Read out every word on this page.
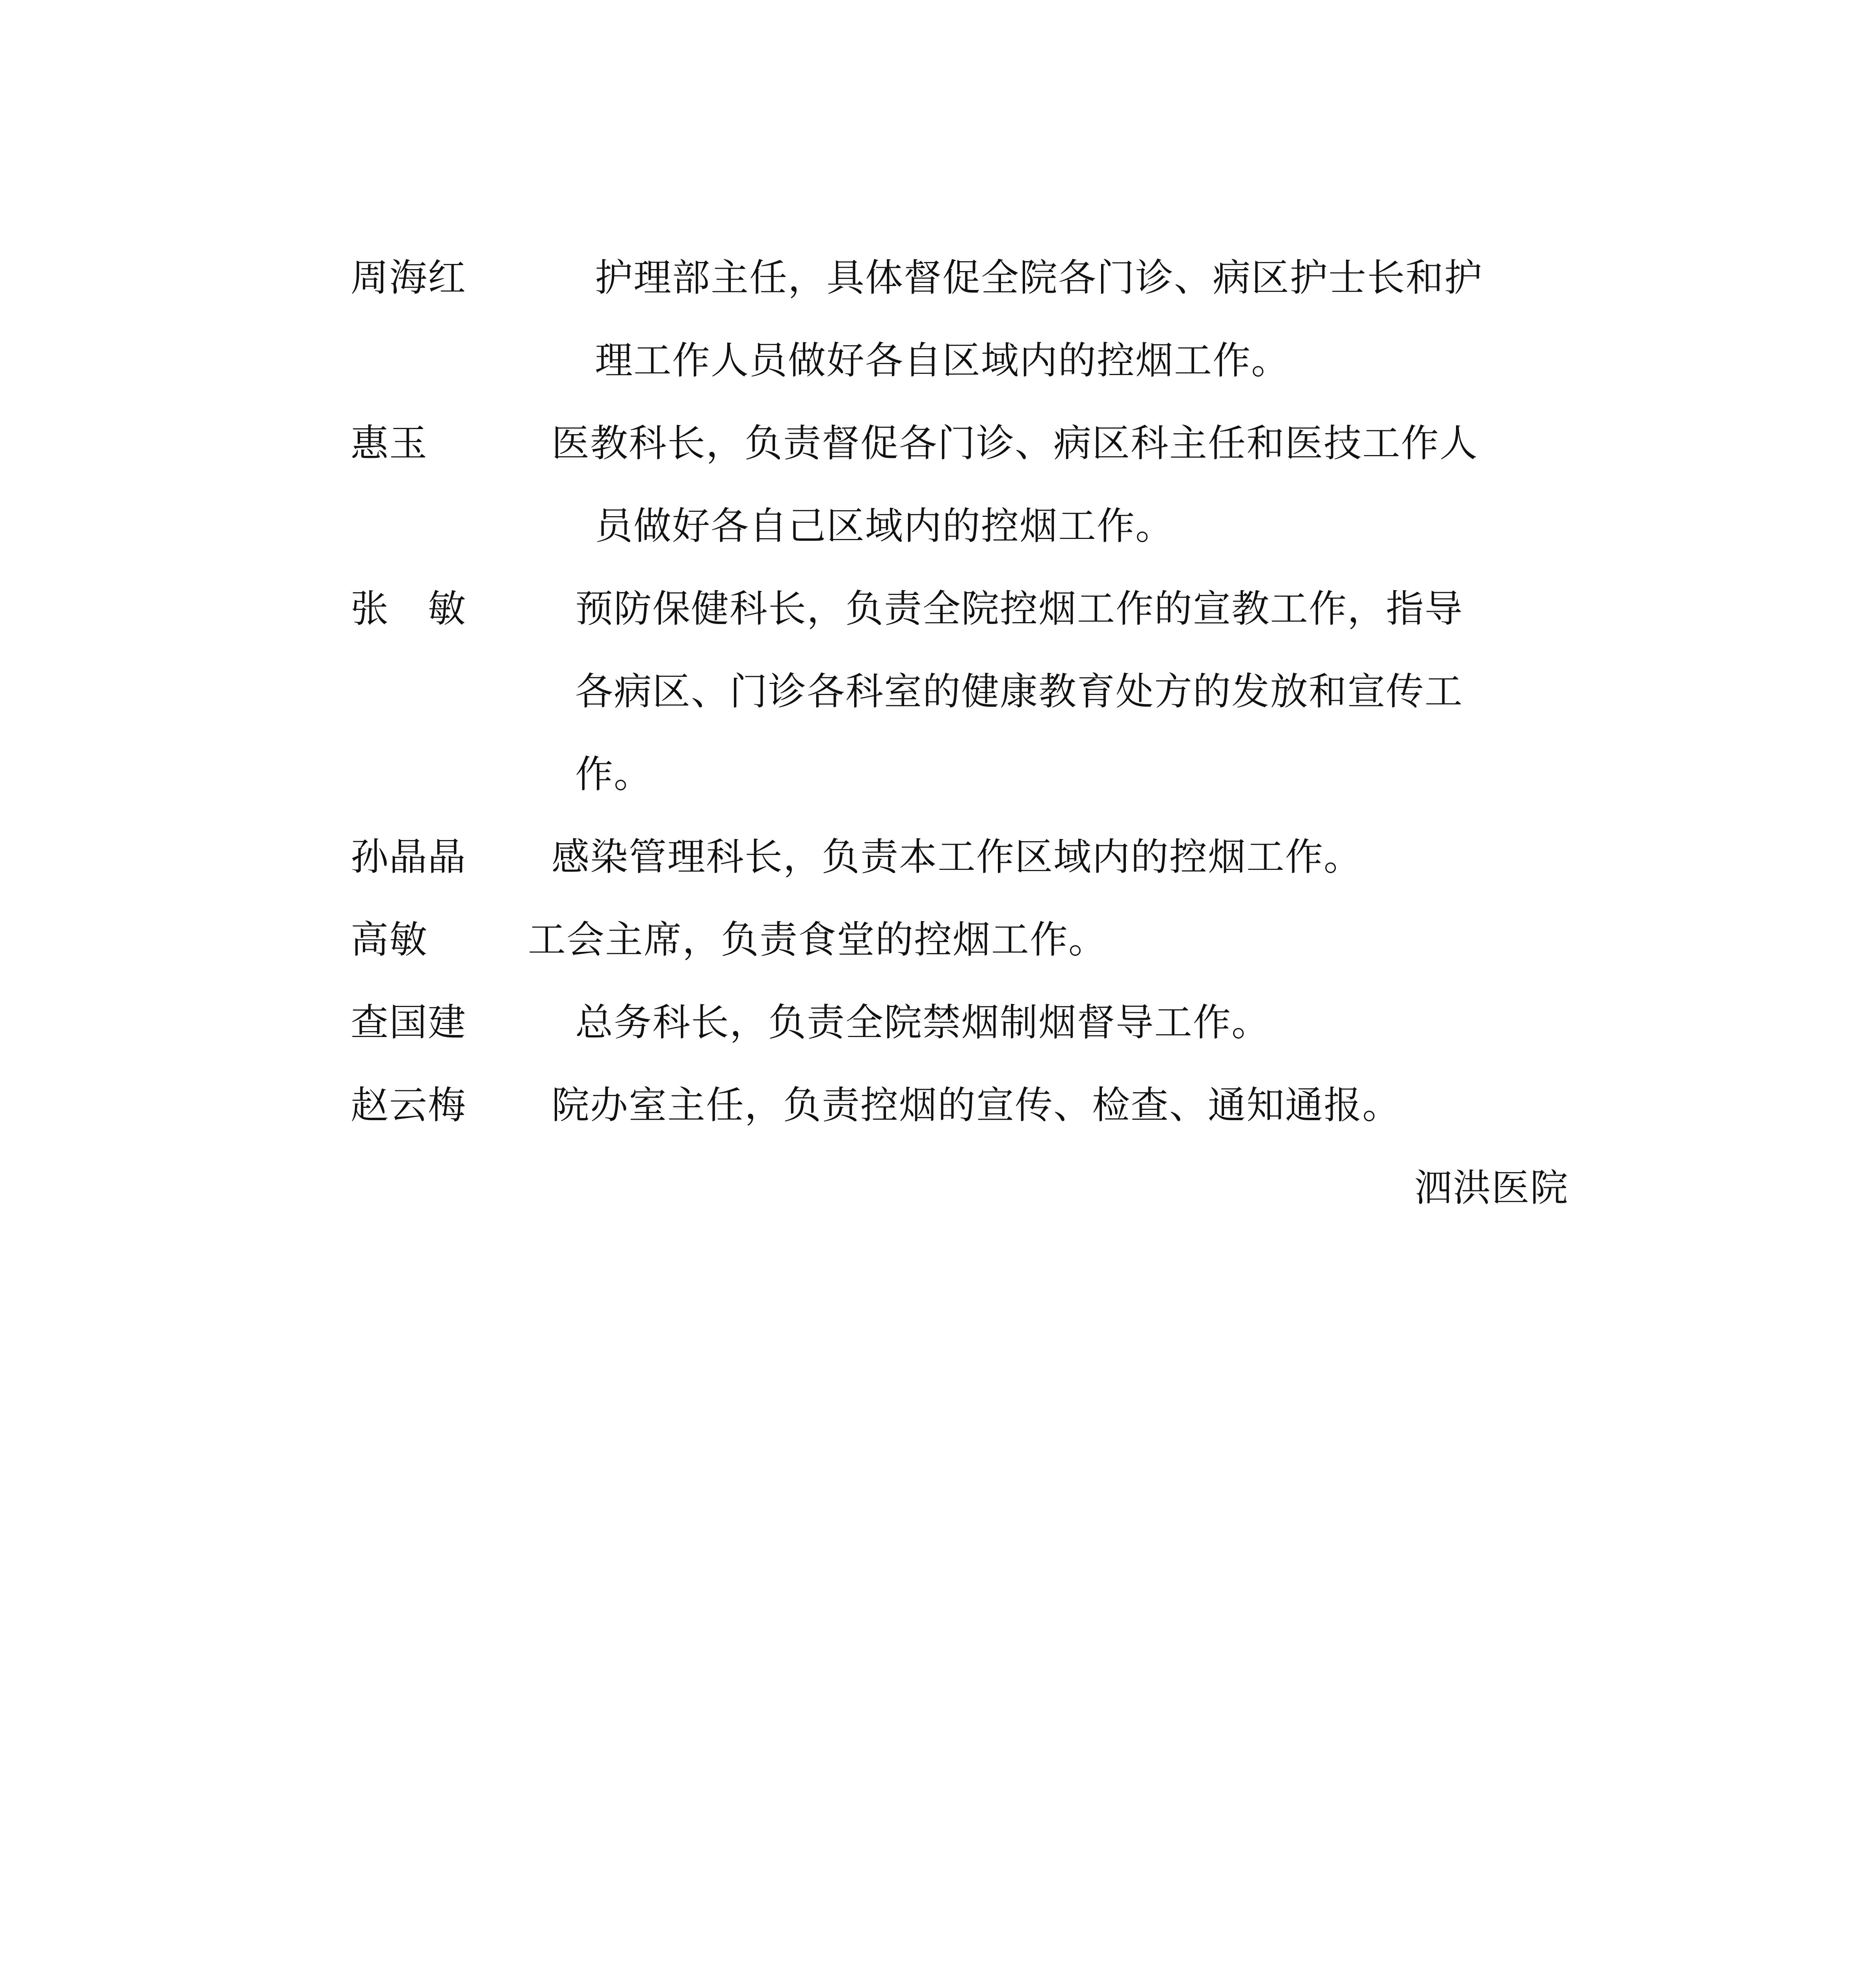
周海红	护理部主任，具体督促全院各门诊、病区护士长和护
理工作人员做好各自区域内的控烟工作。
惠玉	医教科长，负责督促各门诊、病区科主任和医技工作人
员做好各自己区域内的控烟工作。
张　敏	预防保健科长，负责全院控烟工作的宣教工作，指导
各病区、门诊各科室的健康教育处方的发放和宣传工
作。
孙晶晶 感染管理科长，负责本工作区域内的控烟工作。
高敏	工会主席，负责食堂的控烟工作。
查国建	总务科长，负责全院禁烟制烟督导工作。
赵云梅 院办室主任，负责控烟的宣传、检查、通知通报。
泗洪医院
